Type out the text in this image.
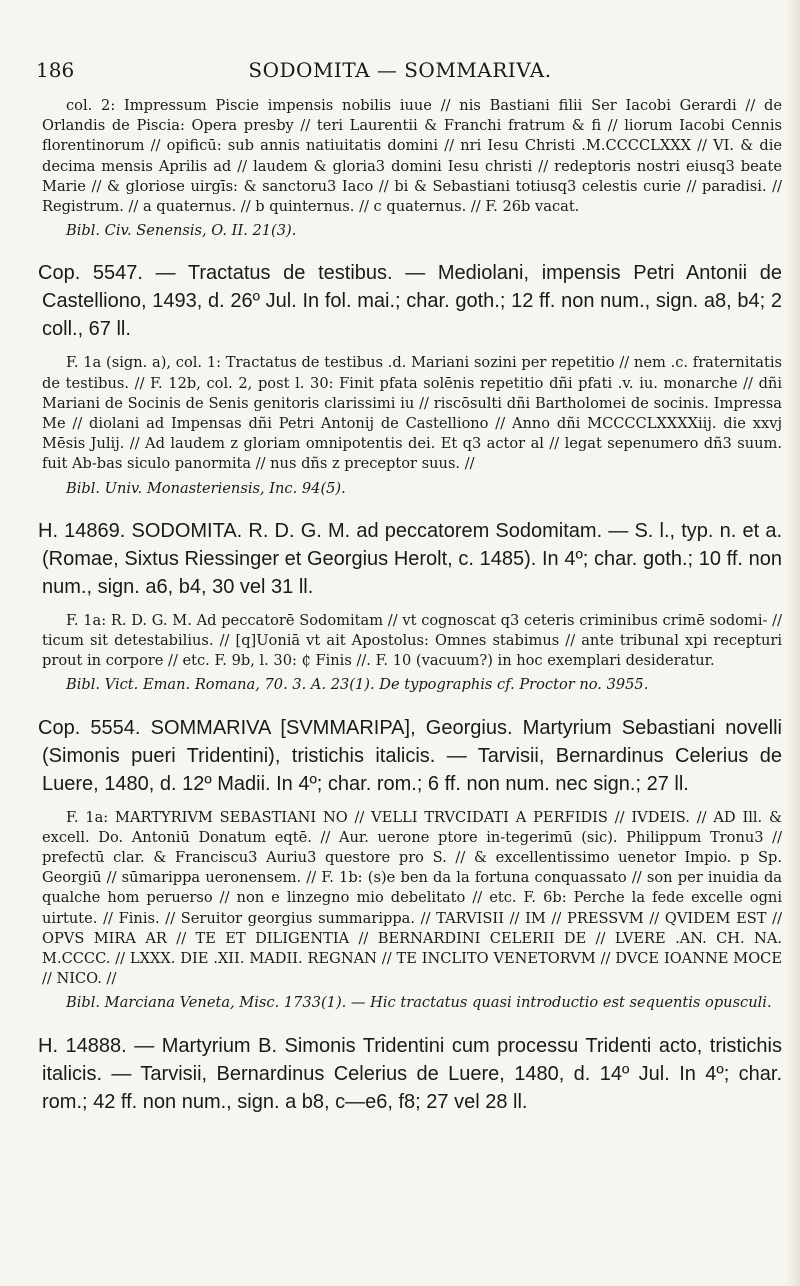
186	SODOMITA — SOMMARIVA.

col. 2: Impressum Piscie impensis nobilis iuue // nis Bastiani filii Ser Iacobi Gerardi // de Orlandis de Piscia: Opera presby // teri Laurentii & Franchi fratrum & fi // liorum Iacobi Cennis florentinorum // opificū: sub annis natiuitatis domini // nri Iesu Christi .M.CCCCLXXX // VI. & die decima mensis Aprilis ad // laudem & gloria3 domini Iesu christi // redeptoris nostri eiusq3 beate Marie // & gloriose uirgīs: & sanctoru3 Iaco // bi & Sebastiani totiusq3 celestis curie // paradisi. // Registrum. // a quaternus. // b quinternus. // c quaternus. // F. 26b vacat.

Bibl. Civ. Senensis, O. II. 21(3).

Cop. 5547. — Tractatus de testibus. — Mediolani, impensis Petri Antonii de Castelliono, 1493, d. 26º Jul. In fol. mai.; char. goth.; 12 ff. non num., sign. a8, b4; 2 coll., 67 ll.

F. 1a (sign. a), col. 1: Tractatus de testibus .d. Mariani sozini per repetitio // nem .c. fraternitatis de testibus. // F. 12b, col. 2, post l. 30: Finit pfata solēnis repetitio dñi pfati .v. iu. monarche // dñi Mariani de Socinis de Senis genitoris clarissimi iu // riscōsulti dñi Bartholomei de socinis. Impressa Me // diolani ad Impensas dñi Petri Antonij de Castelliono // Anno dñi MCCCCLXXXXiij. die xxvj Mēsis Julij. // Ad laudem z gloriam omnipotentis dei. Et q3 actor al // legat sepenumero dñ3 suum. fuit Ab-bas siculo panormita // nus dñs z preceptor suus. //

Bibl. Univ. Monasteriensis, Inc. 94(5).

H. 14869. SODOMITA. R. D. G. M. ad peccatorem Sodomitam. — S. l., typ. n. et a. (Romae, Sixtus Riessinger et Georgius Herolt, c. 1485). In 4º; char. goth.; 10 ff. non num., sign. a6, b4, 30 vel 31 ll.

F. 1a: R. D. G. M. Ad peccatorē Sodomitam // vt cognoscat q3 ceteris criminibus crimē sodomi- // ticum sit detestabilius. // [q]Uoniā vt ait Apostolus: Omnes stabimus // ante tribunal xpi recepturi prout in corpore // etc. F. 9b, l. 30: ₵ Finis //. F. 10 (vacuum?) in hoc exemplari desideratur.

Bibl. Vict. Eman. Romana, 70. 3. A. 23(1). De typographis cf. Proctor no. 3955.

Cop. 5554. SOMMARIVA [SVMMARIPA], Georgius. Martyrium Sebastiani novelli (Simonis pueri Tridentini), tristichis italicis. — Tarvisii, Bernardinus Celerius de Luere, 1480, d. 12º Madii. In 4º; char. rom.; 6 ff. non num. nec sign.; 27 ll.

F. 1a: MARTYRIVM SEBASTIANI NO // VELLI TRVCIDATI A PERFIDIS // IVDEIS. // AD Ill. & excell. Do. Antoniū Donatum eqtē. // Aur. uerone ptore in-tegerimū (sic). Philippum Tronu3 // prefectū clar. & Franciscu3 Auriu3 questore pro S. // & excellentissimo uenetor Impio. p Sp. Georgiū // sūmarippa ueronensem. // F. 1b: (s)e ben da la fortuna conquassato // son per inuidia da qualche hom peruerso // non e linzegno mio debelitato // etc. F. 6b: Perche la fede excelle ogni uirtute. // Finis. // Seruitor georgius summarippa. // TARVISII // IM // PRESSVM // QVIDEM EST // OPVS MIRA AR // TE ET DILIGENTIA // BERNARDINI CELERII DE // LVERE .AN. CH. NA. M.CCCC. // LXXX. DIE .XII. MADII. REGNAN // TE INCLITO VENETORVM // DVCE IOANNE MOCE // NICO. //

Bibl. Marciana Veneta, Misc. 1733(1). — Hic tractatus quasi introductio est sequentis opusculi.

H. 14888. — Martyrium B. Simonis Tridentini cum processu Tridenti acto, tristichis italicis. — Tarvisii, Bernardinus Celerius de Luere, 1480, d. 14º Jul. In 4º; char. rom.; 42 ff. non num., sign. a b8, c—e6, f8; 27 vel 28 ll.
